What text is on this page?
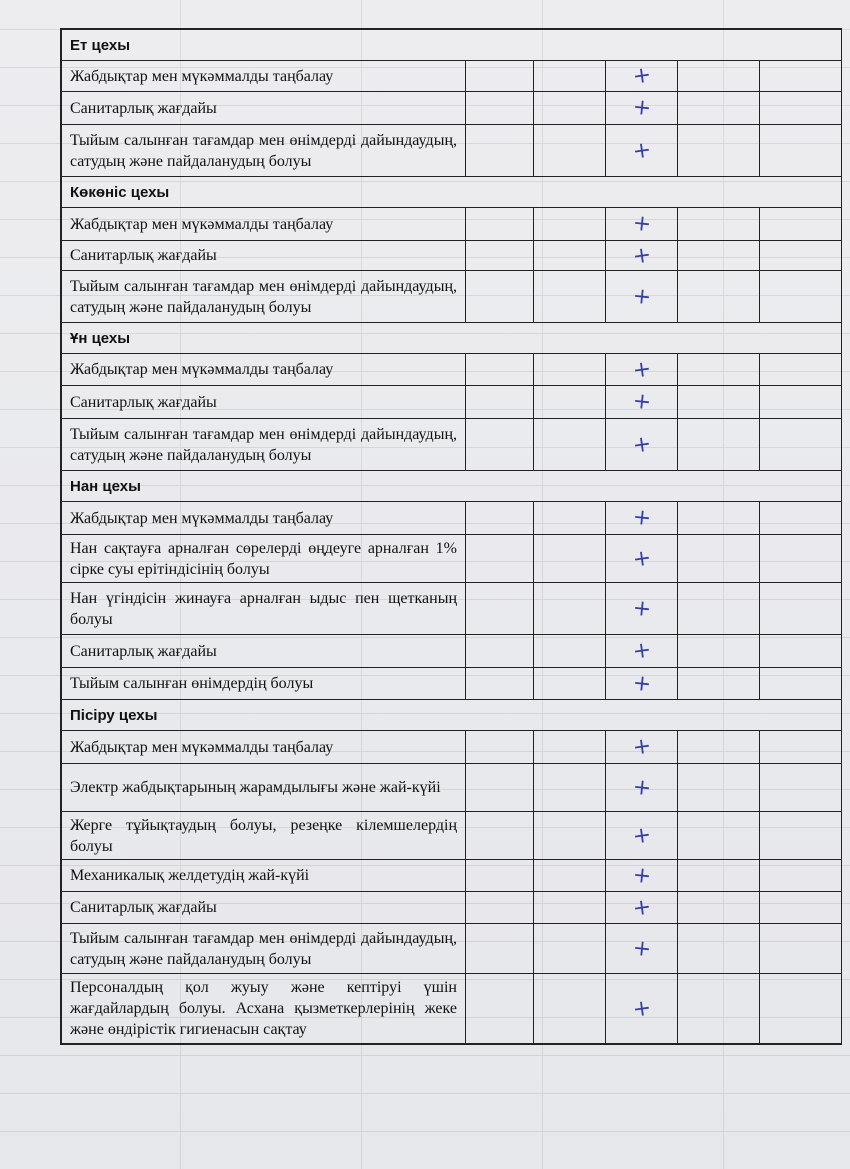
Ет цехы					
Жабдықтар мен мүкәммалды таңбалау			+		

Санитарлық жағдайы			+		

Тыйым салынған тағамдар мен өнімдерді дайындаудың, сатудың және пайдаланудың болуы			+		

Көкөніс цехы					
Жабдықтар мен мүкәммалды таңбалау			+		

Санитарлық жағдайы			+		

Тыйым салынған тағамдар мен өнімдерді дайындаудың, сатудың және пайдаланудың болуы			+		

Ұн цехы					
Жабдықтар мен мүкәммалды таңбалау			+		

Санитарлық жағдайы			+		

Тыйым салынған тағамдар мен өнімдерді дайындаудың, сатудың және пайдаланудың болуы			+		

Нан цехы					
Жабдықтар мен мүкәммалды таңбалау			+		

Нан сақтауға арналған сөрелерді өңдеуге арналған 1% сірке суы ерітіндісінің болуы			+		

Нан үгіндісін жинауға арналған ыдыс пен щетканың болуы			+		

Санитарлық жағдайы			+		

Тыйым салынған өнімдердің болуы			+		

Пісіру цехы					
Жабдықтар мен мүкәммалды таңбалау			+		

Электр жабдықтарының жарамдылығы және жай-күйі			+		

Жерге тұйықтаудың болуы, резеңке кілемшелердің болуы			+		

Механикалық желдетудің жай-күйі			+		

Санитарлық жағдайы			+		

Тыйым салынған тағамдар мен өнімдерді дайындаудың, сатудың және пайдаланудың болуы			+		

Персоналдың қол жуыу және кептіруі үшін жағдайлардың болуы. Асхана қызметкерлерінің жеке және өндірістік гигиенасын сақтау			+		
